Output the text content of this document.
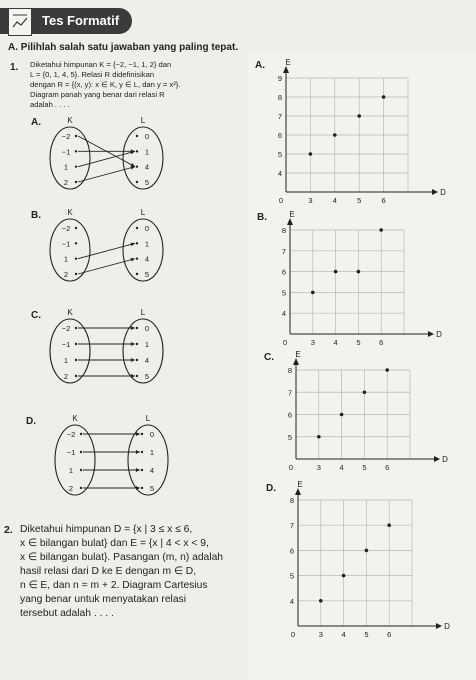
Tes Formatif
A. Pilihlah salah satu jawaban yang paling tepat.
1. Diketahui himpunan K = {−2, −1, 1, 2} dan
L = {0, 1, 4, 5}. Relasi R didefinisikan
dengan R = {(x, y): x ∈ K, y ∈ L, dan y = x²}.
Diagram panah yang benar dari relasi R
adalah . . . .
A.	K	L
−2
−1
1
2
0
1
4
5
B.	K	L
−2
−1
1
2
0
1
4
5
C.	K	L
−2
−1
1
2
0
1
4
5
D.	K	L
−2
−1
1
2
0
1
4
5
2. Diketahui himpunan D = {x | 3 ≤ x ≤ 6,
x ∈ bilangan bulat} dan E = {x | 4 < x < 9,
x ∈ bilangan bulat}. Pasangan (m, n) adalah
hasil relasi dari D ke E dengan m ∈ D,
n ∈ E, dan n = m + 2. Diagram Cartesius
yang benar untuk menyatakan relasi
tersebut adalah . . . .
A.	E
D
0	3	4	5	6
4
5
6
7
8
9
B.	E
D
0	3 4 5 6
4
5
6
7
8
C.	E
D
0	3 4 5 6
5
6
7
8
D.	E
D
0	3 4 5 6
4
5
6
7
8
